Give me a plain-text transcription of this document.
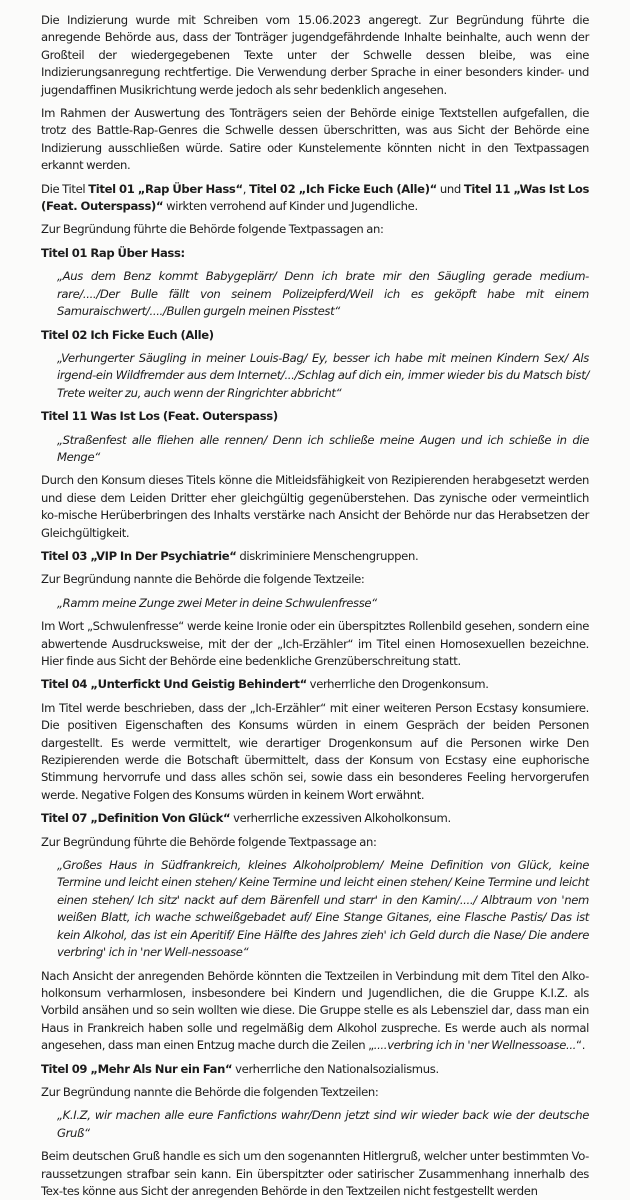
Die Indizierung wurde mit Schreiben vom 15.06.2023 angeregt. Zur Begründung führte die anregende Behörde aus, dass der Tonträger jugendgefährdende Inhalte beinhalte, auch wenn der Großteil der wiedergegebenen Texte unter der Schwelle dessen bleibe, was eine Indizierungsanregung rechtfertige. Die Verwendung derber Sprache in einer besonders kinder- und jugendaffinen Musikrichtung werde jedoch als sehr bedenklich angesehen.

Im Rahmen der Auswertung des Tonträgers seien der Behörde einige Textstellen aufgefallen, die trotz des Battle-Rap-Genres die Schwelle dessen überschritten, was aus Sicht der Behörde eine Indizierung ausschließen würde. Satire oder Kunstelemente könnten nicht in den Textpassagen erkannt werden.

Die Titel Titel 01 „Rap Über Hass“, Titel 02 „Ich Ficke Euch (Alle)“ und Titel 11 „Was Ist Los (Feat. Outerspass)“ wirkten verrohend auf Kinder und Jugendliche.

Zur Begründung führte die Behörde folgende Textpassagen an:

Titel 01 Rap Über Hass:

„Aus dem Benz kommt Babygeplärr/ Denn ich brate mir den Säugling gerade medium-rare/..../Der Bulle fällt von seinem Polizeipferd/Weil ich es geköpft habe mit einem Samuraischwert/..../Bullen gurgeln meinen Pisstest“

Titel 02 Ich Ficke Euch (Alle)

„Verhungerter Säugling in meiner Louis-Bag/ Ey, besser ich habe mit meinen Kindern Sex/ Als irgend-ein Wildfremder aus dem Internet/.../Schlag auf dich ein, immer wieder bis du Matsch bist/ Trete weiter zu, auch wenn der Ringrichter abbricht“

Titel 11 Was Ist Los (Feat. Outerspass)

„Straßenfest alle fliehen alle rennen/ Denn ich schließe meine Augen und ich schieße in die Menge“

Durch den Konsum dieses Titels könne die Mitleidsfähigkeit von Rezipierenden herabgesetzt werden und diese dem Leiden Dritter eher gleichgültig gegenüberstehen. Das zynische oder vermeintlich ko-mische Herüberbringen des Inhalts verstärke nach Ansicht der Behörde nur das Herabsetzen der Gleichgültigkeit.

Titel 03 „VIP In Der Psychiatrie“ diskriminiere Menschengruppen.

Zur Begründung nannte die Behörde die folgende Textzeile:

„Ramm meine Zunge zwei Meter in deine Schwulenfresse“

Im Wort „Schwulenfresse“ werde keine Ironie oder ein überspitztes Rollenbild gesehen, sondern eine abwertende Ausdrucksweise, mit der der „Ich-Erzähler“ im Titel einen Homosexuellen bezeichne. Hier finde aus Sicht der Behörde eine bedenkliche Grenzüberschreitung statt.

Titel 04 „Unterfickt Und Geistig Behindert“ verherrliche den Drogenkonsum.

Im Titel werde beschrieben, dass der „Ich-Erzähler“ mit einer weiteren Person Ecstasy konsumiere. Die positiven Eigenschaften des Konsums würden in einem Gespräch der beiden Personen dargestellt. Es werde vermittelt, wie derartiger Drogenkonsum auf die Personen wirke Den Rezipierenden werde die Botschaft übermittelt, dass der Konsum von Ecstasy eine euphorische Stimmung hervorrufe und dass alles schön sei, sowie dass ein besonderes Feeling hervorgerufen werde. Negative Folgen des Konsums würden in keinem Wort erwähnt.

Titel 07 „Definition Von Glück“ verherrliche exzessiven Alkoholkonsum.

Zur Begründung führte die Behörde folgende Textpassage an:

„Großes Haus in Südfrankreich, kleines Alkoholproblem/ Meine Definition von Glück, keine Termine und leicht einen stehen/ Keine Termine und leicht einen stehen/ Keine Termine und leicht einen stehen/ Ich sitz' nackt auf dem Bärenfell und starr' in den Kamin/..../ Albtraum von 'nem weißen Blatt, ich wache schweißgebadet auf/ Eine Stange Gitanes, eine Flasche Pastis/ Das ist kein Alkohol, das ist ein Aperitif/ Eine Hälfte des Jahres zieh' ich Geld durch die Nase/ Die andere verbring' ich in 'ner Well-nessoase“

Nach Ansicht der anregenden Behörde könnten die Textzeilen in Verbindung mit dem Titel den Alko-holkonsum verharmlosen, insbesondere bei Kindern und Jugendlichen, die die Gruppe K.I.Z. als Vorbild ansähen und so sein wollten wie diese. Die Gruppe stelle es als Lebensziel dar, dass man ein Haus in Frankreich haben solle und regelmäßig dem Alkohol zuspreche. Es werde auch als normal angesehen, dass man einen Entzug mache durch die Zeilen „....verbring ich in 'ner Wellnessoase...“.

Titel 09 „Mehr Als Nur ein Fan“ verherrliche den Nationalsozialismus.

Zur Begründung nannte die Behörde die folgenden Textzeilen:

„K.I.Z, wir machen alle eure Fanfictions wahr/Denn jetzt sind wir wieder back wie der deutsche Gruß“

Beim deutschen Gruß handle es sich um den sogenannten Hitlergruß, welcher unter bestimmten Vo-raussetzungen strafbar sein kann. Ein überspitzter oder satirischer Zusammenhang innerhalb des Tex-tes könne aus Sicht der anregenden Behörde in den Textzeilen nicht festgestellt werden
